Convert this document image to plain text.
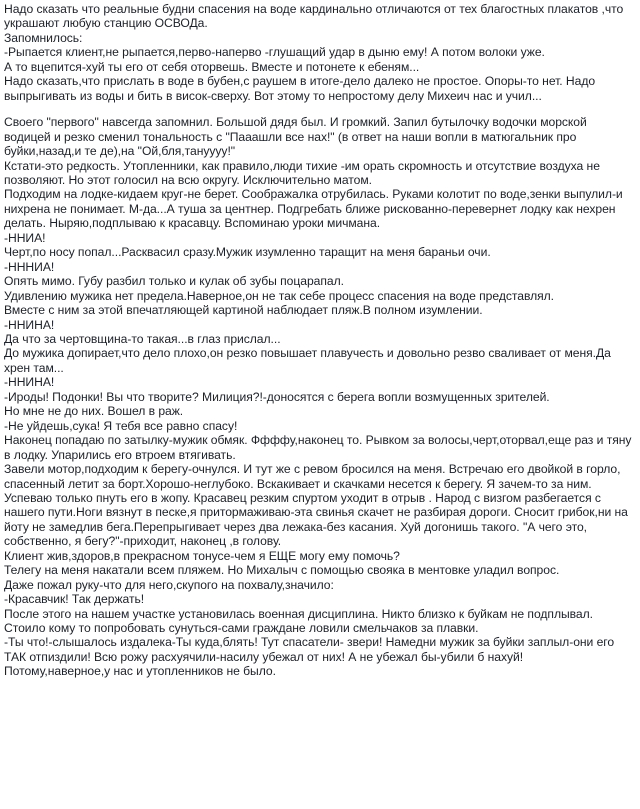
Надо сказать что реальные будни спасения на воде кардинально отличаются от тех благостных плакатов ,что украшают любую станцию ОСВОДа.

Запомнилось:

-Рыпается клиент,не рыпается,перво-наперво -глушащий удар в дыню ему! А потом волоки уже.

А то вцепится-хуй ты его от себя оторвешь. Вместе и потонете к ебеням...

Надо сказать,что приcлать в воде в бубен,с раушем в итоге-дело далеко не простое. Опоры-то нет. Надо выпрыгивать из воды и бить в висок-сверху. Вот этому то непростому делу Михеич нас и учил...

Своего "первого" навсегда запомнил. Большой дядя был. И громкий. Запил бутылочку водочки морской водицей и резко сменил тональность с "Пааашли все нах!" (в ответ на наши вопли в матюгальник про буйки,назад,и те де),на "Ой,бля,тануууу!"

Кстати-это редкость. Утопленники, как правило,люди тихие -им орать скромность и отсутствие воздуха не позволяют. Но этот голосил на всю округу. Исключительно матом.

Подходим на лодке-кидаем круг-не берет. Соображалка отрубилась. Руками колотит по воде,зенки выпулил-и нихрена не понимает. М-да...А туша за центнер. Подгребать ближе рискованно-перевернет лодку как нехрен делать. Ныряю,подплываю к красавцу. Вспоминаю уроки мичмана.

-ННИА!

Черт,по носу попал...Расквасил сразу.Мужик изумленно таращит на меня бараньи очи.

-НННИА!

Опять мимо. Губу разбил только и кулак об зубы поцарапал.

Удивлению мужика нет предела.Наверное,он не так себе процесс спасения на воде представлял.

Вместе с ним за этой впечатляющей картиной наблюдает пляж.В полном изумлении.

-ННИНА!

Да что за чертовщина-то такая...в глаз прислал...

До мужика допирает,что дело плохо,он резко повышает плавучесть и довольно резво сваливает от меня.Да хрен там...

-ННИНА!

-Ироды! Подонки! Вы что творите? Милиция?!-доносятся с берега вопли возмущенных зрителей.

Но мне не до них. Вошел в раж.

-Не уйдешь,сука! Я тебя все равно спасу!

Наконец попадаю по затылку-мужик обмяк. Ффффу,наконец то. Рывком за волосы,черт,оторвал,еще раз и тяну в лодку. Упарились его втроем втягивать.

Завели мотор,подходим к берегу-очнулся. И тут же с ревом бросился на меня. Встречаю его двойкой в горло, спасенный летит за борт.Хорошо-неглубоко. Вскакивает и скачками несется к берегу. Я зачем-то за ним.

Успеваю только пнуть его в жопу. Красавец резким спуртом уходит в отрыв . Народ с визгом разбегается с нашего пути.Ноги вязнут в песке,я притормаживаю-эта свинья скачет не разбирая дороги. Сносит грибок,ни на йоту не замедлив бега.Перепрыгивает через два лежака-без касания. Хуй догонишь такого. "А чего это, собственно, я бегу?"-приходит, наконец ,в голову.

Клиент жив,здоров,в прекрасном тонусе-чем я ЕЩЕ могу ему помочь?

Телегу на меня накатали всем пляжем. Но Михалыч с помощью свояка в ментовке уладил вопрос.

Даже пожал руку-что для него,скупого на похвалу,значило:

-Красавчик! Так держать!

После этого на нашем участке установилась военная дисциплина. Никто близко к буйкам не подплывал. Стоило кому то попробовать сунуться-сами граждане ловили смельчаков за плавки.

-Ты что!-слышалось издалека-Ты куда,блять! Тут спасатели- звери! Намедни мужик за буйки заплыл-они его ТАК отпиздили! Всю рожу расхуячили-насилу убежал от них! А не убежал бы-убили б нахуй!

Потому,наверное,у нас и утопленников не было.
